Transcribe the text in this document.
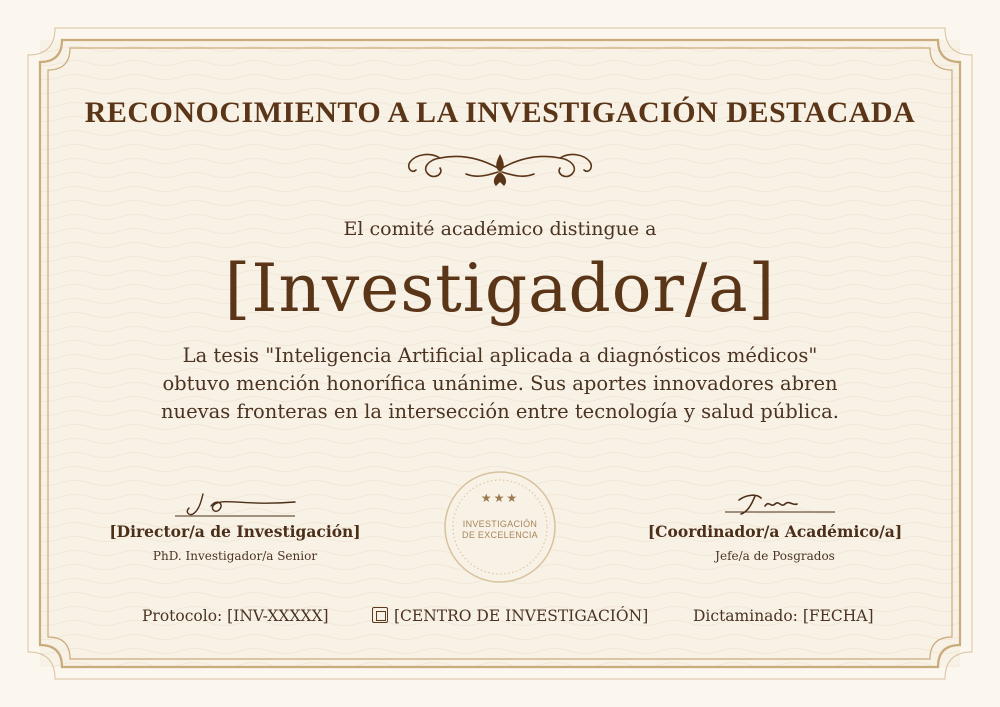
RECONOCIMIENTO A LA INVESTIGACIÓN DESTACADA
El comité académico distingue a
[Investigador/a]
La tesis "Inteligencia Artificial aplicada a diagnósticos médicos" obtuvo mención honorífica unánime. Sus aportes innovadores abren nuevas fronteras en la intersección entre tecnología y salud pública.
[Director/a de Investigación]
PhD. Investigador/a Senior
★★★
INVESTIGACIÓN
DE EXCELENCIA	[Coordinador/a Académico/a]
Jefe/a de Posgrados
Protocolo: [INV-XXXXX]	[CENTRO DE INVESTIGACIÓN]	Dictaminado: [FECHA]
